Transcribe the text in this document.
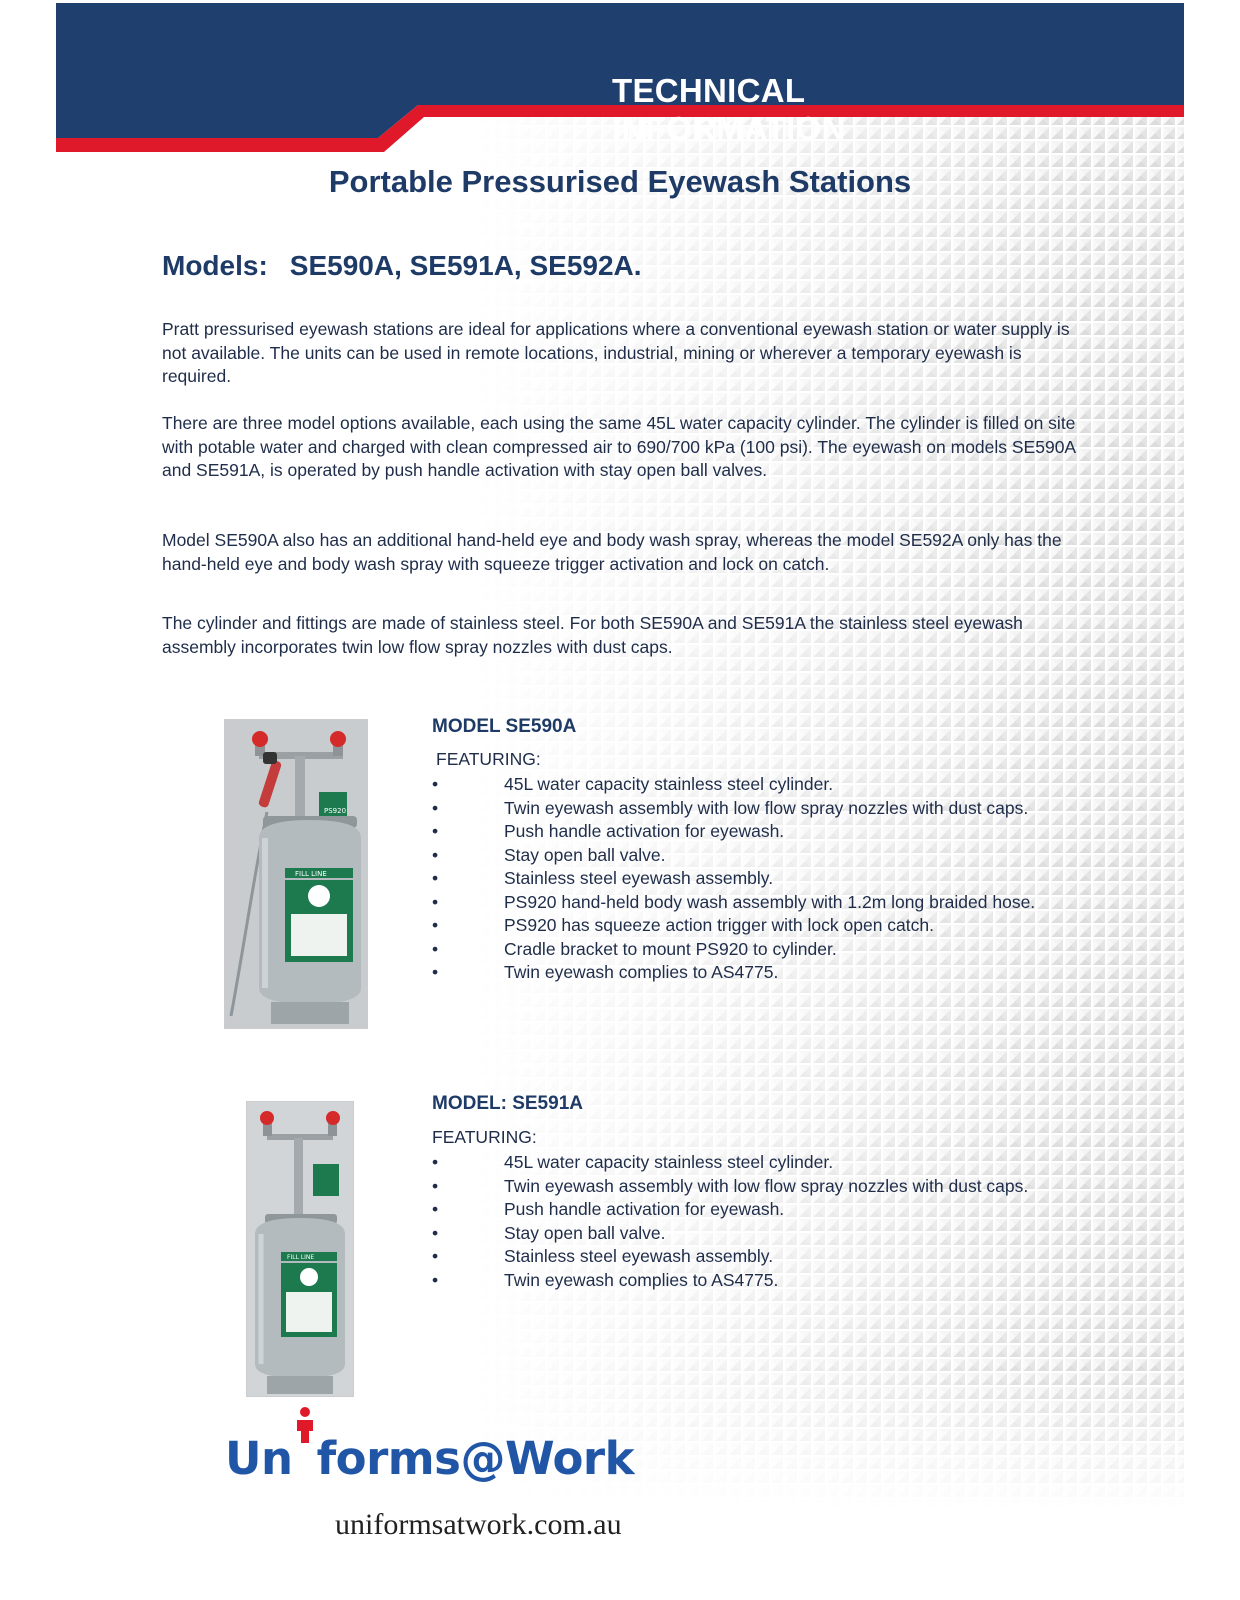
TECHNICAL INFORMATION
Portable Pressurised Eyewash Stations
Models: SE590A, SE591A, SE592A.

Pratt pressurised eyewash stations are ideal for applications where a conventional eyewash station or water supply is not available. The units can be used in remote locations, industrial, mining or wherever a temporary eyewash is required.

There are three model options available, each using the same 45L water capacity cylinder. The cylinder is filled on site with potable water and charged with clean compressed air to 690/700 kPa (100 psi). The eyewash on models SE590A and SE591A, is operated by push handle activation with stay open ball valves.

Model SE590A also has an additional hand-held eye and body wash spray, whereas the model SE592A only has the hand-held eye and body wash spray with squeeze trigger activation and lock on catch.

The cylinder and fittings are made of stainless steel. For both SE590A and SE591A the stainless steel eyewash assembly incorporates twin low flow spray nozzles with dust caps.

PS920
FILL LINE
MODEL SE590A
FEATURING:
•	45L water capacity stainless steel cylinder.
•	Twin eyewash assembly with low flow spray nozzles with dust caps.
•	Push handle activation for eyewash.
•	Stay open ball valve.
•	Stainless steel eyewash assembly.
•	PS920 hand-held body wash assembly with 1.2m long braided hose.
•	PS920 has squeeze action trigger with lock open catch.
•	Cradle bracket to mount PS920 to cylinder.
•	Twin eyewash complies to AS4775.
FILL LINE
MODEL: SE591A
FEATURING:
•	45L water capacity stainless steel cylinder.
•	Twin eyewash assembly with low flow spray nozzles with dust caps.
•	Push handle activation for eyewash.
•	Stay open ball valve.
•	Stainless steel eyewash assembly.
•	Twin eyewash complies to AS4775.
Un forms@Work
uniformsatwork.com.au
